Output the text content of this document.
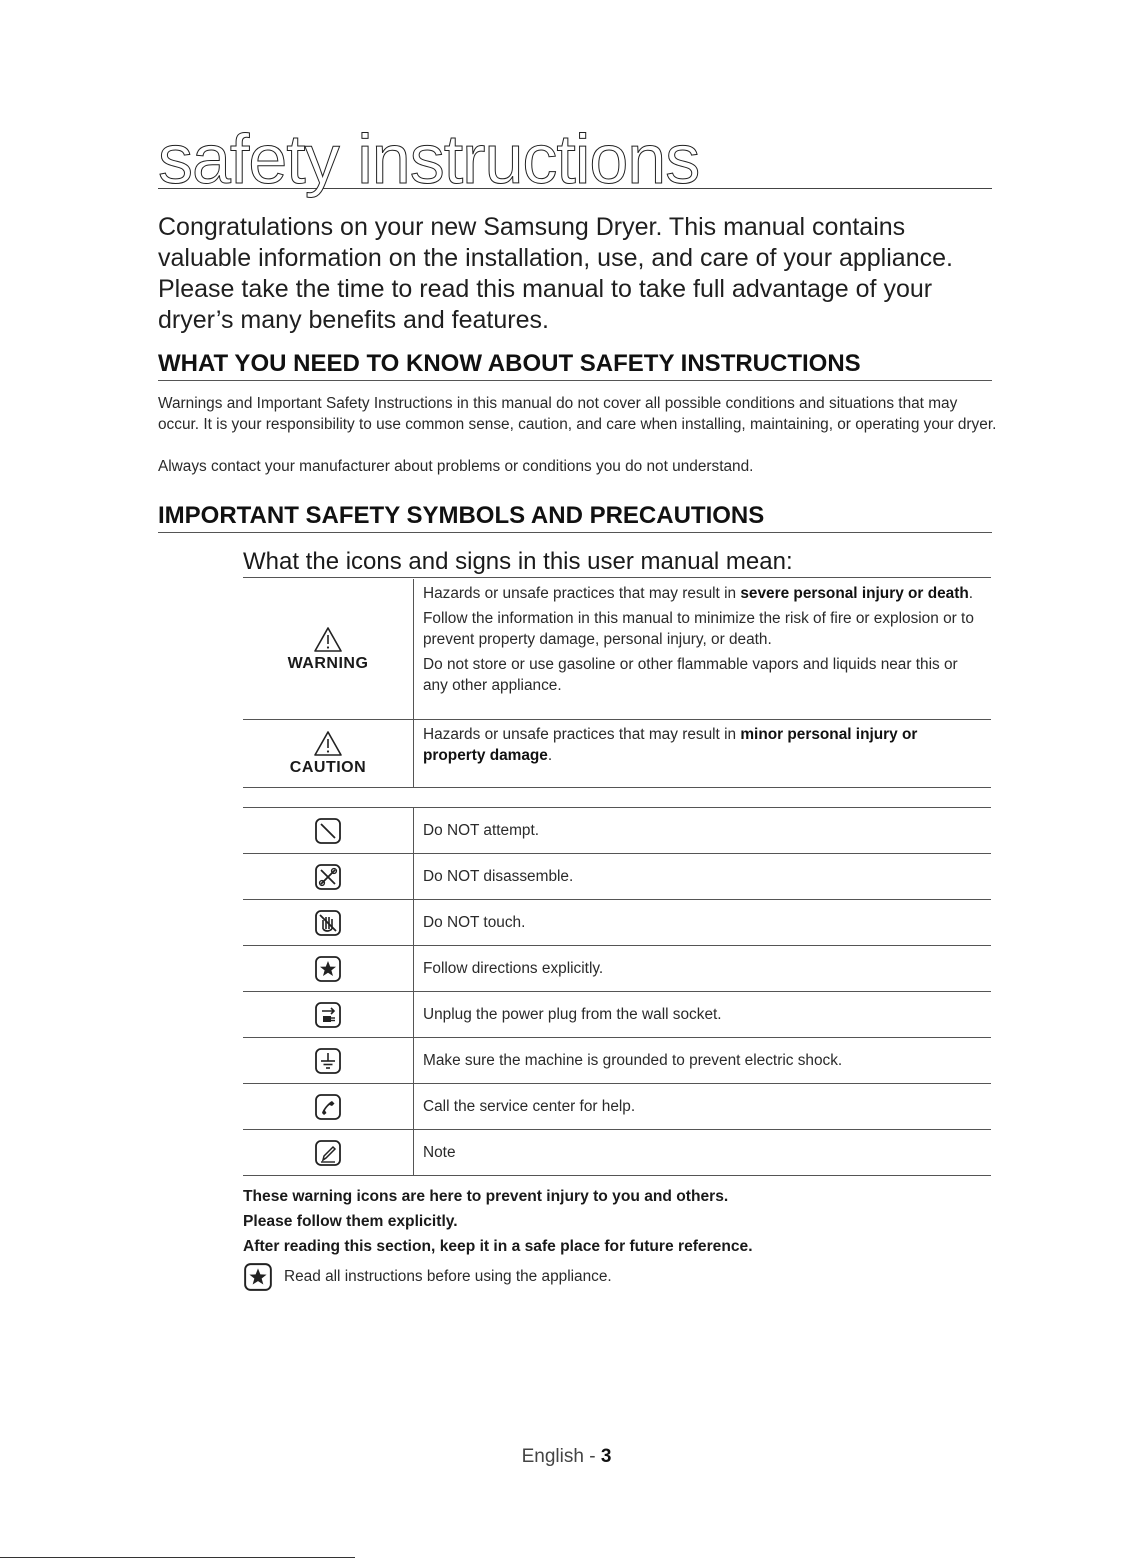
safety instructions

Congratulations on your new Samsung Dryer. This manual contains valuable information on the installation, use, and care of your appliance. Please take the time to read this manual to take full advantage of your dryer’s many benefits and features.

WHAT YOU NEED TO KNOW ABOUT SAFETY INSTRUCTIONS

Warnings and Important Safety Instructions in this manual do not cover all possible conditions and situations that may occur. It is your responsibility to use common sense, caution, and care when installing, maintaining, or operating your dryer.

Always contact your manufacturer about problems or conditions you do not understand.

IMPORTANT SAFETY SYMBOLS AND PRECAUTIONS
What the icons and signs in this user manual mean:
WARNING

Hazards or unsafe practices that may result in severe personal injury or death.

Follow the information in this manual to minimize the risk of fire or explosion or to prevent property damage, personal injury, or death.

Do not store or use gasoline or other flammable vapors and liquids near this or any other appliance.

CAUTION

Hazards or unsafe practices that may result in minor personal injury or property damage.

Do NOT attempt.
Do NOT disassemble.
Do NOT touch.
Follow directions explicitly.
Unplug the power plug from the wall socket.
Make sure the machine is grounded to prevent electric shock.
Call the service center for help.
Note

These warning icons are here to prevent injury to you and others.

Please follow them explicitly.

After reading this section, keep it in a safe place for future reference.

Read all instructions before using the appliance.
English - 3
